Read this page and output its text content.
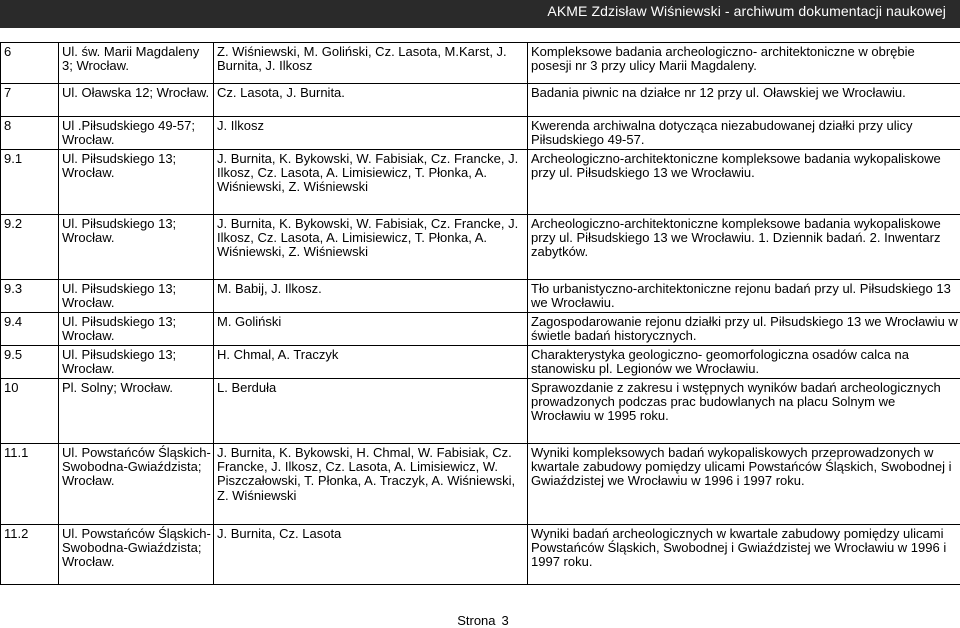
AKME Zdzisław Wiśniewski - archiwum dokumentacji naukowej
6	Ul. św. Marii Magdaleny 3; Wrocław.	Z. Wiśniewski, M. Goliński, Cz. Lasota, M.Karst, J. Burnita, J. Ilkosz	Kompleksowe badania archeologiczno- architektoniczne w obrębie posesji nr 3 przy ulicy Marii Magdaleny.
7	Ul. Oławska 12; Wrocław.	Cz. Lasota, J. Burnita.	Badania piwnic na działce nr 12 przy ul. Oławskiej we Wrocławiu.
8	Ul .Piłsudskiego 49-57; Wrocław.	J. Ilkosz	Kwerenda archiwalna dotycząca niezabudowanej działki przy ulicy Piłsudskiego 49-57.
9.1	Ul. Piłsudskiego 13; Wrocław.	J. Burnita, K. Bykowski, W. Fabisiak, Cz. Francke, J. Ilkosz, Cz. Lasota, A. Limisiewicz, T. Płonka, A. Wiśniewski, Z. Wiśniewski	Archeologiczno-architektoniczne kompleksowe badania wykopaliskowe przy ul. Piłsudskiego 13 we Wrocławiu.
9.2	Ul. Piłsudskiego 13; Wrocław.	J. Burnita, K. Bykowski, W. Fabisiak, Cz. Francke, J. Ilkosz, Cz. Lasota, A. Limisiewicz, T. Płonka, A. Wiśniewski, Z. Wiśniewski	Archeologiczno-architektoniczne kompleksowe badania wykopaliskowe przy ul. Piłsudskiego 13 we Wrocławiu. 1. Dziennik badań. 2. Inwentarz zabytków.
9.3	Ul. Piłsudskiego 13; Wrocław.	M. Babij, J. Ilkosz.	Tło urbanistyczno-architektoniczne rejonu badań przy ul. Piłsudskiego 13 we Wrocławiu.
9.4	Ul. Piłsudskiego 13; Wrocław.	M. Goliński	Zagospodarowanie rejonu działki przy ul. Piłsudskiego 13 we Wrocławiu w świetle badań historycznych.
9.5	Ul. Piłsudskiego 13; Wrocław.	H. Chmal, A. Traczyk	Charakterystyka geologiczno- geomorfologiczna osadów calca na stanowisku pl. Legionów we Wrocławiu.
10	Pl. Solny; Wrocław.	L. Berduła	Sprawozdanie z zakresu i wstępnych wyników badań archeologicznych prowadzonych podczas prac budowlanych na placu Solnym we Wrocławiu w 1995 roku.
11.1	Ul. Powstańców Śląskich-Swobodna-Gwiaździsta; Wrocław.	J. Burnita, K. Bykowski, H. Chmal, W. Fabisiak, Cz. Francke, J. Ilkosz, Cz. Lasota, A. Limisiewicz, W. Piszczałowski, T. Płonka, A. Traczyk, A. Wiśniewski, Z. Wiśniewski	Wyniki kompleksowych badań wykopaliskowych przeprowadzonych w kwartale zabudowy pomiędzy ulicami Powstańców Śląskich, Swobodnej i Gwiaździstej we Wrocławiu w 1996 i 1997 roku.
11.2	Ul. Powstańców Śląskich-Swobodna-Gwiaździsta; Wrocław.	J. Burnita, Cz. Lasota	Wyniki badań archeologicznych w kwartale zabudowy pomiędzy ulicami Powstańców Śląskich, Swobodnej i Gwiaździstej we Wrocławiu w 1996 i 1997 roku.
Strona 3
